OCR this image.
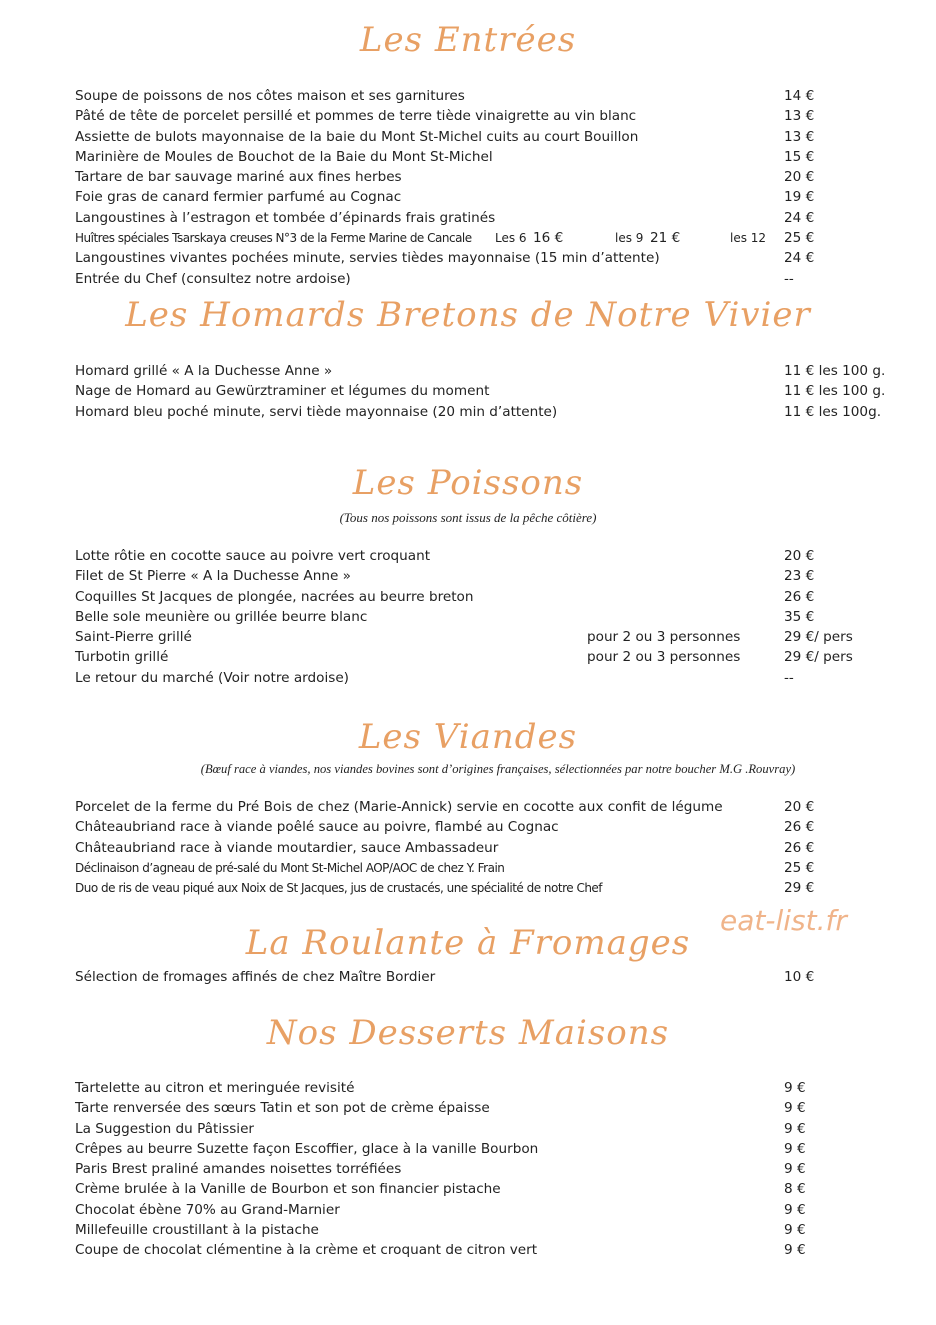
Les Entrées
Soupe de poissons de nos côtes maison et ses garnitures	14 €
Pâté de tête de porcelet persillé et pommes de terre tiède vinaigrette au vin blanc	13 €
Assiette de bulots mayonnaise de la baie du Mont St-Michel cuits au court Bouillon	13 €
Marinière de Moules de Bouchot de la Baie du Mont St-Michel	15 €
Tartare de bar sauvage mariné aux fines herbes	20 €
Foie gras de canard fermier parfumé au Cognac	19 €
Langoustines à l’estragon et tombée d’épinards frais gratinés	24 €
Huîtres spéciales Tsarskaya creuses N°3 de la Ferme Marine de Cancale Les 6 16 €	les 9 21 €	les 12 25 €
Langoustines vivantes pochées minute, servies tièdes mayonnaise (15 min d’attente)	24 €
Entrée du Chef (consultez notre ardoise)	--
Les Homards Bretons de Notre Vivier
Homard grillé « A la Duchesse Anne »	11 € les 100 g.
Nage de Homard au Gewürztraminer et légumes du moment	11 € les 100 g.
Homard bleu poché minute, servi tiède mayonnaise (20 min d’attente)	11 € les 100g.
Les Poissons
(Tous nos poissons sont issus de la pêche côtière)
Lotte rôtie en cocotte sauce au poivre vert croquant	20 €
Filet de St Pierre « A la Duchesse Anne »	23 €
Coquilles St Jacques de plongée, nacrées au beurre breton	26 €
Belle sole meunière ou grillée beurre blanc	35 €
Saint-Pierre grillé	pour 2 ou 3 personnes	29 €/ pers
Turbotin grillé	pour 2 ou 3 personnes	29 €/ pers
Le retour du marché (Voir notre ardoise)	--
Les Viandes
(Bœuf race à viandes, nos viandes bovines sont d’origines françaises, sélectionnées par notre boucher M.G .Rouvray)
Porcelet de la ferme du Pré Bois de chez (Marie-Annick) servie en cocotte aux confit de légume	20 €
Châteaubriand race à viande poêlé sauce au poivre, flambé au Cognac	26 €
Châteaubriand race à viande moutardier, sauce Ambassadeur	26 €
Déclinaison d’agneau de pré-salé du Mont St-Michel AOP/AOC de chez Y. Frain	25 €
Duo de ris de veau piqué aux Noix de St Jacques, jus de crustacés, une spécialité de notre Chef	29 €
La Roulante à Fromages
eat-list.fr
Sélection de fromages affinés de chez Maître Bordier	10 €
Nos Desserts Maisons
Tartelette au citron et meringuée revisité	9 €
Tarte renversée des sœurs Tatin et son pot de crème épaisse	9 €
La Suggestion du Pâtissier	9 €
Crêpes au beurre Suzette façon Escoffier, glace à la vanille Bourbon	9 €
Paris Brest praliné amandes noisettes torréfiées	9 €
Crème brulée à la Vanille de Bourbon et son financier pistache	8 €
Chocolat ébène 70% au Grand-Marnier	9 €
Millefeuille croustillant à la pistache	9 €
Coupe de chocolat clémentine à la crème et croquant de citron vert	9 €
